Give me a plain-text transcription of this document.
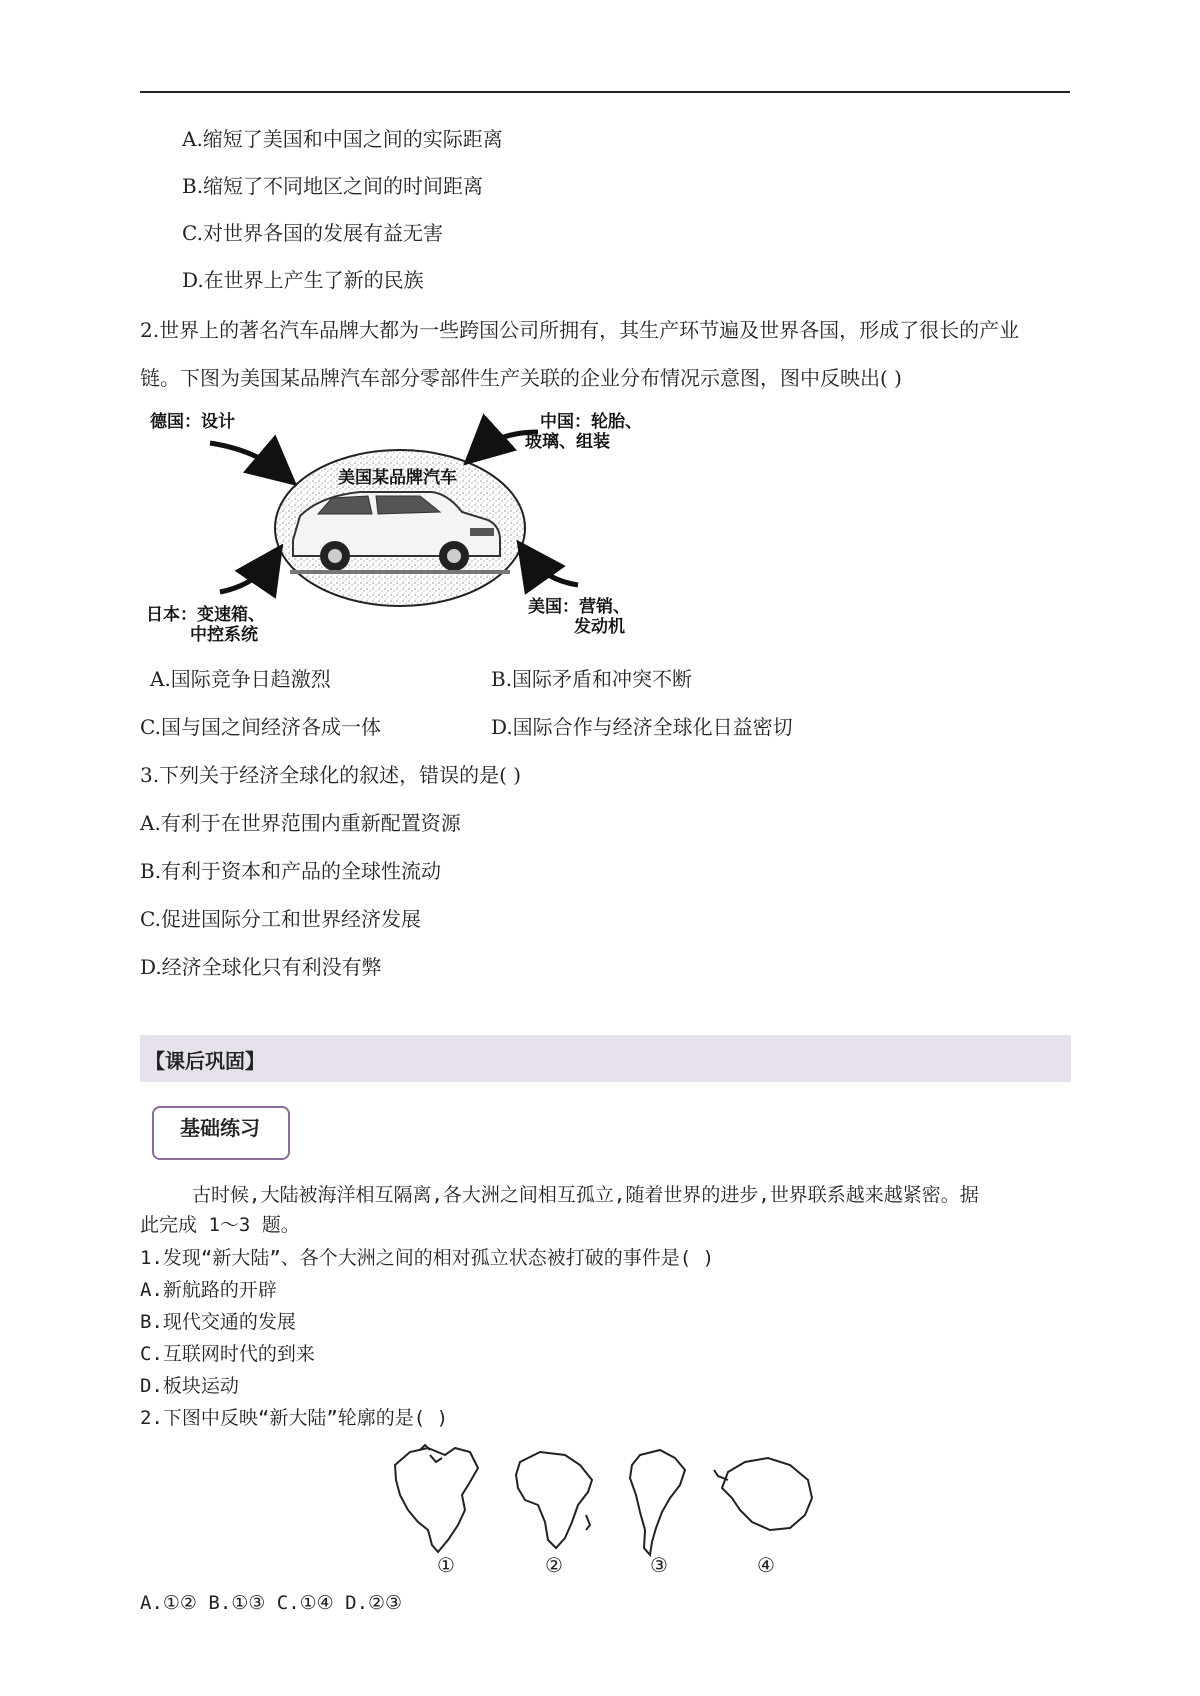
A.缩短了美国和中国之间的实际距离
B.缩短了不同地区之间的时间距离
C.对世界各国的发展有益无害
D.在世界上产生了新的民族
2.世界上的著名汽车品牌大都为一些跨国公司所拥有，其生产环节遍及世界各国，形成了很长的产业
链。下图为美国某品牌汽车部分零部件生产关联的企业分布情况示意图，图中反映出( )
美国某品牌汽车
德国：设计	中国：轮胎、
玻璃、组装
日本：变速箱、
中控系统
美国：营销、
发动机
A.国际竞争日趋激烈	B.国际矛盾和冲突不断
C.国与国之间经济各成一体	D.国际合作与经济全球化日益密切
3.下列关于经济全球化的叙述，错误的是( )
A.有利于在世界范围内重新配置资源
B.有利于资本和产品的全球性流动
C.促进国际分工和世界经济发展
D.经济全球化只有利没有弊
【课后巩固】
基础练习
古时候,大陆被海洋相互隔离,各大洲之间相互孤立,随着世界的进步,世界联系越来越紧密。据
此完成 1～3 题。
1.发现“新大陆”、各个大洲之间的相对孤立状态被打破的事件是( )
A.新航路的开辟
B.现代交通的发展
C.互联网时代的到来
D.板块运动
2.下图中反映“新大陆”轮廓的是( )
①	②	③	④
A.①② B.①③ C.①④ D.②③
